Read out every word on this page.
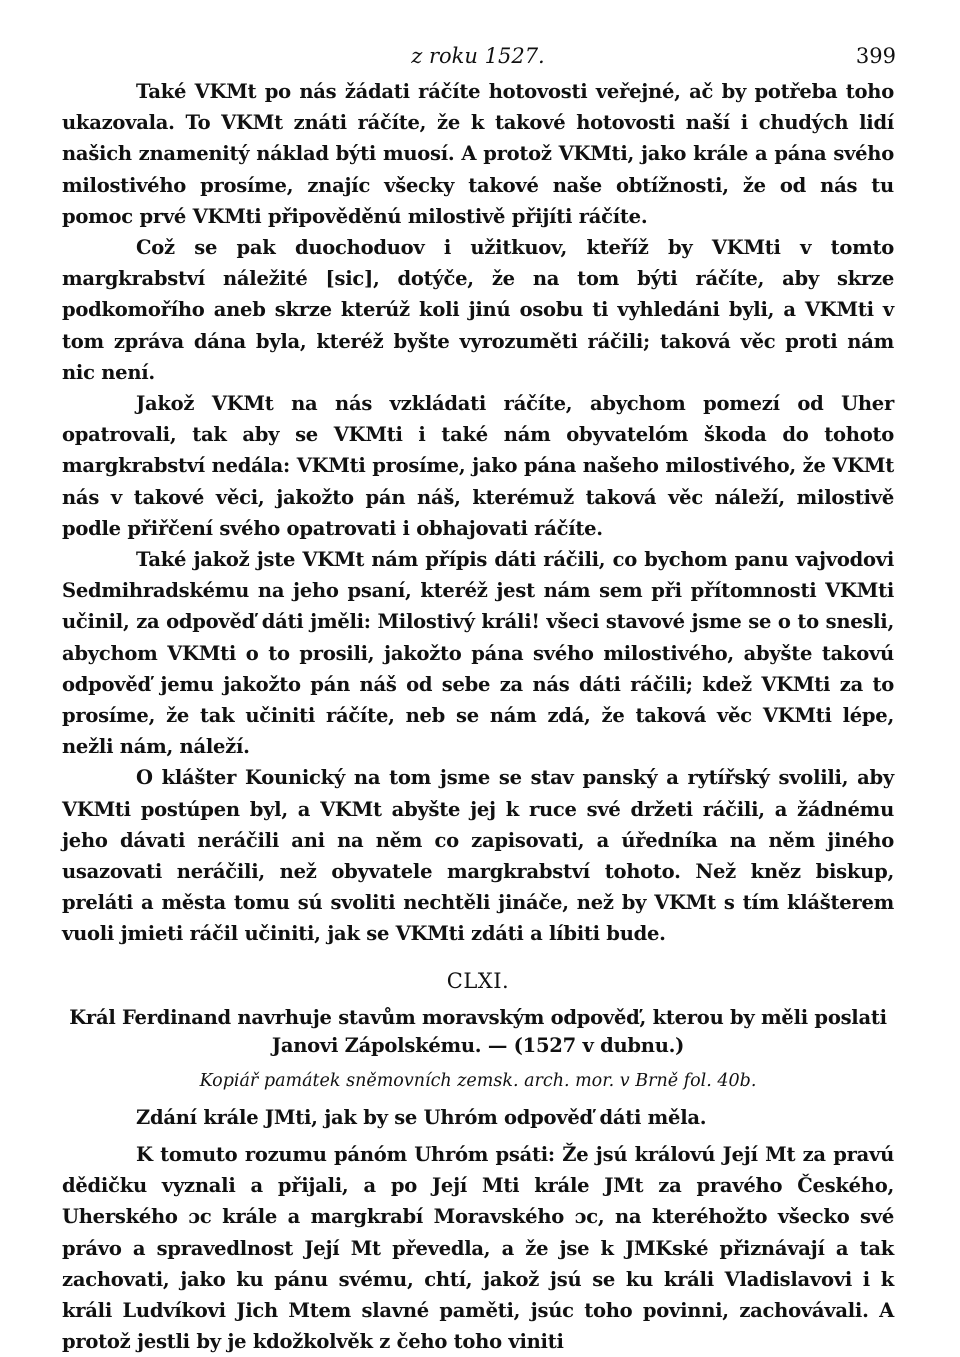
z roku 1527.	399

Také VKMt po nás žádati ráčíte hotovosti veřejné, ač by potřeba toho ukazovala. To VKMt znáti ráčíte, že k takové hotovosti naší i chudých lidí našich znamenitý náklad býti muosí. A protož VKMti, jako krále a pána svého milostivého prosíme, znajíc všecky takové naše obtížnosti, že od nás tu pomoc prvé VKMti připověděnú milostivě přijíti ráčíte.

Což se pak duochoduov i užitkuov, kteříž by VKMti v tomto margkrabství náležité [sic], dotýče, že na tom býti ráčíte, aby skrze podkomořího aneb skrze kterúž koli jinú osobu ti vyhledáni byli, a VKMti v tom zpráva dána byla, kteréž byšte vyrozuměti ráčili; taková věc proti nám nic není.

Jakož VKMt na nás vzkládati ráčíte, abychom pomezí od Uher opatrovali, tak aby se VKMti i také nám obyvatelóm škoda do tohoto margkrabství nedála: VKMti prosíme, jako pána našeho milostivého, že VKMt nás v takové věci, jakožto pán náš, kterémuž taková věc náleží, milostivě podle přiřčení svého opatrovati i obhajovati ráčíte.

Také jakož jste VKMt nám přípis dáti ráčili, co bychom panu vajvodovi Sedmihradskému na jeho psaní, kteréž jest nám sem při přítomnosti VKMti učinil, za odpověď dáti jměli: Milostivý králi! všeci stavové jsme se o to snesli, abychom VKMti o to prosili, jakožto pána svého milostivého, abyšte takovú odpověď jemu jakožto pán náš od sebe za nás dáti ráčili; kdež VKMti za to prosíme, že tak učiniti ráčíte, neb se nám zdá, že taková věc VKMti lépe, nežli nám, náleží.

O klášter Kounický na tom jsme se stav panský a rytířský svolili, aby VKMti postúpen byl, a VKMt abyšte jej k ruce své držeti ráčili, a žádnému jeho dávati neráčili ani na něm co zapisovati, a úředníka na něm jiného usazovati neráčili, než obyvatele margkrabství tohoto. Než kněz biskup, preláti a města tomu sú svoliti nechtěli jináče, než by VKMt s tím klášterem vuoli jmieti ráčil učiniti, jak se VKMti zdáti a líbiti bude.

CLXI.
Král Ferdinand navrhuje stavům moravským odpověď, kterou by měli poslati Janovi Zápolskému. — (1527 v dubnu.)
Kopiář památek sněmovních zemsk. arch. mor. v Brně fol. 40b.

Zdání krále JMti, jak by se Uhróm odpověď dáti měla.

K tomuto rozumu pánóm Uhróm psáti: Že jsú královú Její Mt za pravú dědičku vyznali a přijali, a po Její Mti krále JMt za pravého Českého, Uherského ɔc krále a margkrabí Moravského ɔc, na kteréhožto všecko své právo a spravedlnost Její Mt převedla, a že jse k JMKské přiznávají a tak zachovati, jako ku pánu svému, chtí, jakož jsú se ku králi Vladislavovi i k králi Ludvíkovi Jich Mtem slavné paměti, jsúc toho povinni, zachovávali. A protož jestli by je kdožkolvěk z čeho toho viniti
